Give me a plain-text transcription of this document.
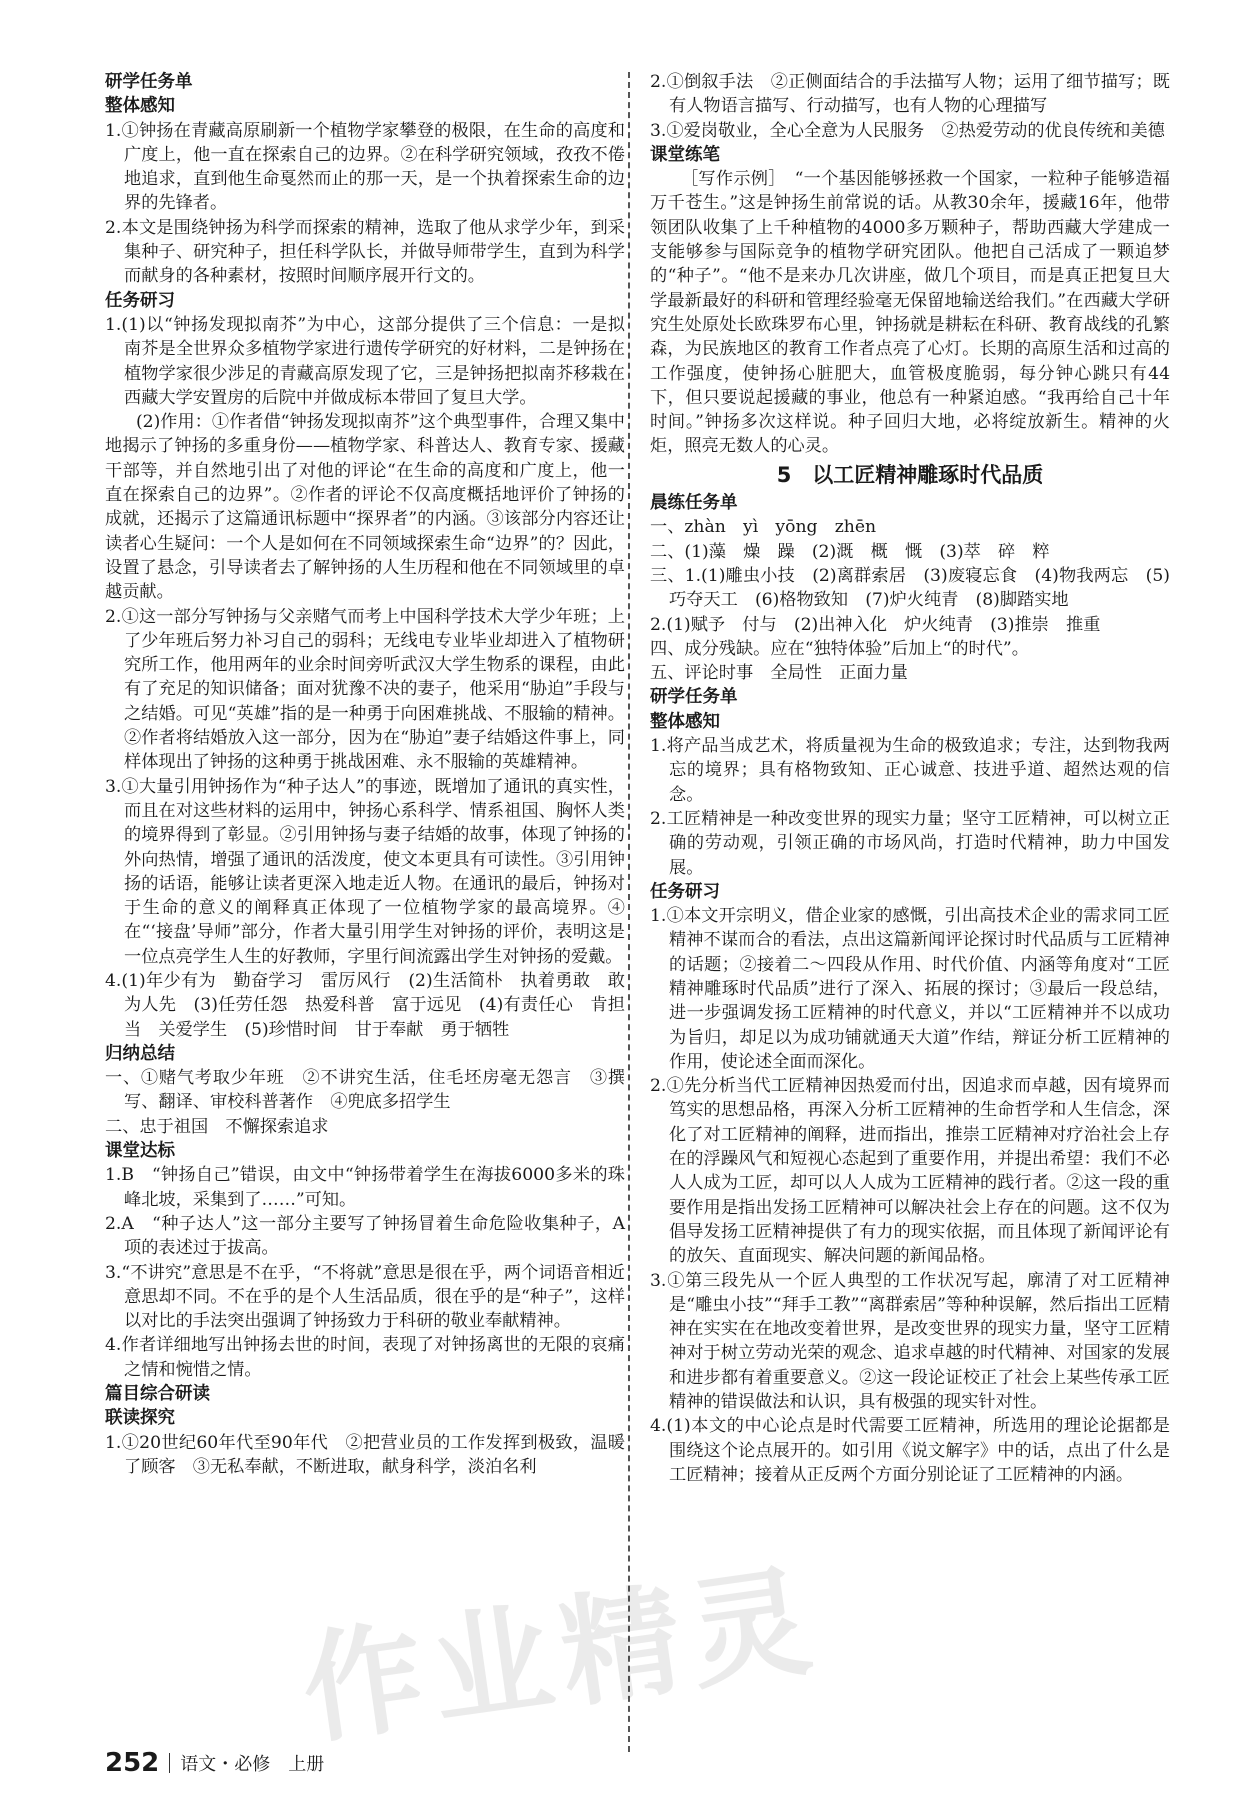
研学任务单
整体感知
1.①钟扬在青藏高原刷新一个植物学家攀登的极限，在生命的高度和广度上，他一直在探索自己的边界。②在科学研究领域，孜孜不倦地追求，直到他生命戛然而止的那一天，是一个执着探索生命的边界的先锋者。
2.本文是围绕钟扬为科学而探索的精神，选取了他从求学少年，到采集种子、研究种子，担任科学队长，并做导师带学生，直到为科学而献身的各种素材，按照时间顺序展开行文的。
任务研习
1.(1)以“钟扬发现拟南芥”为中心，这部分提供了三个信息：一是拟南芥是全世界众多植物学家进行遗传学研究的好材料，二是钟扬在植物学家很少涉足的青藏高原发现了它，三是钟扬把拟南芥移栽在西藏大学安置房的后院中并做成标本带回了复旦大学。
(2)作用：①作者借“钟扬发现拟南芥”这个典型事件，合理又集中地揭示了钟扬的多重身份——植物学家、科普达人、教育专家、援藏干部等，并自然地引出了对他的评论“在生命的高度和广度上，他一直在探索自己的边界”。②作者的评论不仅高度概括地评价了钟扬的成就，还揭示了这篇通讯标题中“探界者”的内涵。③该部分内容还让读者心生疑问：一个人是如何在不同领域探索生命“边界”的？因此，设置了悬念，引导读者去了解钟扬的人生历程和他在不同领域里的卓越贡献。
2.①这一部分写钟扬与父亲赌气而考上中国科学技术大学少年班；上了少年班后努力补习自己的弱科；无线电专业毕业却进入了植物研究所工作，他用两年的业余时间旁听武汉大学生物系的课程，由此有了充足的知识储备；面对犹豫不决的妻子，他采用“胁迫”手段与之结婚。可见“英雄”指的是一种勇于向困难挑战、不服输的精神。②作者将结婚放入这一部分，因为在“胁迫”妻子结婚这件事上，同样体现出了钟扬的这种勇于挑战困难、永不服输的英雄精神。
3.①大量引用钟扬作为“种子达人”的事迹，既增加了通讯的真实性，而且在对这些材料的运用中，钟扬心系科学、情系祖国、胸怀人类的境界得到了彰显。②引用钟扬与妻子结婚的故事，体现了钟扬的外向热情，增强了通讯的活泼度，使文本更具有可读性。③引用钟扬的话语，能够让读者更深入地走近人物。在通讯的最后，钟扬对于生命的意义的阐释真正体现了一位植物学家的最高境界。④在“‘接盘’导师”部分，作者大量引用学生对钟扬的评价，表明这是一位点亮学生人生的好教师，字里行间流露出学生对钟扬的爱戴。
4.(1)年少有为　勤奋学习　雷厉风行　(2)生活简朴　执着勇敢　敢为人先　(3)任劳任怨　热爱科普　富于远见　(4)有责任心　肯担当　关爱学生　(5)珍惜时间　甘于奉献　勇于牺牲
归纳总结
一、①赌气考取少年班　②不讲究生活，住毛坯房毫无怨言　③撰写、翻译、审校科普著作　④兜底多招学生
二、忠于祖国　不懈探索追求
课堂达标
1.B　“钟扬自己”错误，由文中“钟扬带着学生在海拔6000多米的珠峰北坡，采集到了……”可知。
2.A　“种子达人”这一部分主要写了钟扬冒着生命危险收集种子，A项的表述过于拔高。
3.“不讲究”意思是不在乎，“不将就”意思是很在乎，两个词语音相近意思却不同。不在乎的是个人生活品质，很在乎的是“种子”，这样以对比的手法突出强调了钟扬致力于科研的敬业奉献精神。
4.作者详细地写出钟扬去世的时间，表现了对钟扬离世的无限的哀痛之情和惋惜之情。
篇目综合研读
联读探究
1.①20世纪60年代至90年代　②把营业员的工作发挥到极致，温暖了顾客　③无私奉献，不断进取，献身科学，淡泊名利
2.①倒叙手法　②正侧面结合的手法描写人物；运用了细节描写；既有人物语言描写、行动描写，也有人物的心理描写
3.①爱岗敬业，全心全意为人民服务　②热爱劳动的优良传统和美德
课堂练笔
［写作示例］　“一个基因能够拯救一个国家，一粒种子能够造福万千苍生。”这是钟扬生前常说的话。从教30余年，援藏16年，他带领团队收集了上千种植物的4000多万颗种子，帮助西藏大学建成一支能够参与国际竞争的植物学研究团队。他把自己活成了一颗追梦的“种子”。“他不是来办几次讲座，做几个项目，而是真正把复旦大学最新最好的科研和管理经验毫无保留地输送给我们。”在西藏大学研究生处原处长欧珠罗布心里，钟扬就是耕耘在科研、教育战线的孔繁森，为民族地区的教育工作者点亮了心灯。长期的高原生活和过高的工作强度，使钟扬心脏肥大，血管极度脆弱，每分钟心跳只有44下，但只要说起援藏的事业，他总有一种紧迫感。“我再给自己十年时间。”钟扬多次这样说。种子回归大地，必将绽放新生。精神的火炬，照亮无数人的心灵。
5　以工匠精神雕琢时代品质
晨练任务单
一、zhàn　yì　yōng　zhēn
二、(1)藻　燥　躁　(2)溉　概　慨　(3)萃　碎　粹
三、1.(1)雕虫小技　(2)离群索居　(3)废寝忘食　(4)物我两忘　(5)巧夺天工　(6)格物致知　(7)炉火纯青　(8)脚踏实地
2.(1)赋予　付与　(2)出神入化　炉火纯青　(3)推崇　推重
四、成分残缺。应在“独特体验”后加上“的时代”。
五、评论时事　全局性　正面力量
研学任务单
整体感知
1.将产品当成艺术，将质量视为生命的极致追求；专注，达到物我两忘的境界；具有格物致知、正心诚意、技进乎道、超然达观的信念。
2.工匠精神是一种改变世界的现实力量；坚守工匠精神，可以树立正确的劳动观，引领正确的市场风尚，打造时代精神，助力中国发展。
任务研习
1.①本文开宗明义，借企业家的感慨，引出高技术企业的需求同工匠精神不谋而合的看法，点出这篇新闻评论探讨时代品质与工匠精神的话题；②接着二～四段从作用、时代价值、内涵等角度对“工匠精神雕琢时代品质”进行了深入、拓展的探讨；③最后一段总结，进一步强调发扬工匠精神的时代意义，并以“工匠精神并不以成功为旨归，却足以为成功铺就通天大道”作结，辩证分析工匠精神的作用，使论述全面而深化。
2.①先分析当代工匠精神因热爱而付出，因追求而卓越，因有境界而笃实的思想品格，再深入分析工匠精神的生命哲学和人生信念，深化了对工匠精神的阐释，进而指出，推崇工匠精神对疗治社会上存在的浮躁风气和短视心态起到了重要作用，并提出希望：我们不必人人成为工匠，却可以人人成为工匠精神的践行者。②这一段的重要作用是指出发扬工匠精神可以解决社会上存在的问题。这不仅为倡导发扬工匠精神提供了有力的现实依据，而且体现了新闻评论有的放矢、直面现实、解决问题的新闻品格。
3.①第三段先从一个匠人典型的工作状况写起，廓清了对工匠精神是“雕虫小技”“拜手工教”“离群索居”等种种误解，然后指出工匠精神在实实在在地改变着世界，是改变世界的现实力量，坚守工匠精神对于树立劳动光荣的观念、追求卓越的时代精神、对国家的发展和进步都有着重要意义。②这一段论证校正了社会上某些传承工匠精神的错误做法和认识，具有极强的现实针对性。
4.(1)本文的中心论点是时代需要工匠精神，所选用的理论论据都是围绕这个论点展开的。如引用《说文解字》中的话，点出了什么是工匠精神；接着从正反两个方面分别论证了工匠精神的内涵。
252 语文・必修　上册
作业精灵
